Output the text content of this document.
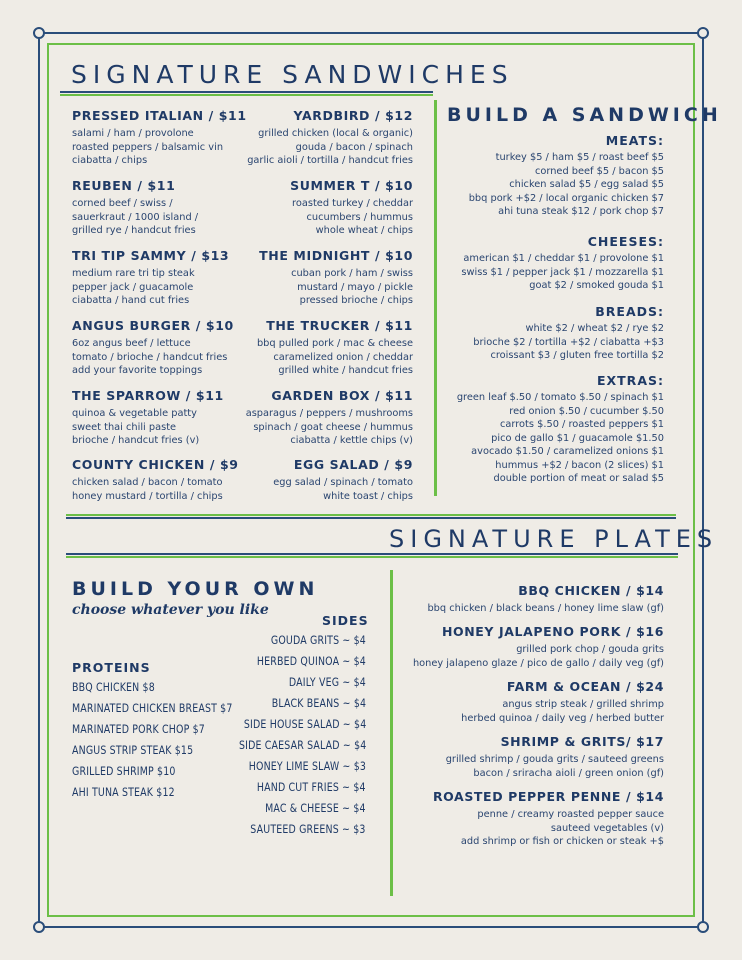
SIGNATURE SANDWICHES
PRESSED ITALIAN / $11
salami / ham / provolone
roasted peppers / balsamic vin
ciabatta / chips
REUBEN / $11
corned beef / swiss /
sauerkraut / 1000 island /
grilled rye / handcut fries
TRI TIP SAMMY / $13
medium rare tri tip steak
pepper jack / guacamole
ciabatta / hand cut fries
ANGUS BURGER / $10
6oz angus beef / lettuce
tomato / brioche / handcut fries
add your favorite toppings
THE SPARROW / $11
quinoa & vegetable patty
sweet thai chili paste
brioche / handcut fries (v)
COUNTY CHICKEN / $9
chicken salad / bacon / tomato
honey mustard / tortilla / chips
YARDBIRD / $12
grilled chicken (local & organic)
gouda / bacon / spinach
garlic aioli / tortilla / handcut fries
SUMMER T / $10
roasted turkey / cheddar
cucumbers / hummus
whole wheat / chips
THE MIDNIGHT / $10
cuban pork / ham / swiss
mustard / mayo / pickle
pressed brioche / chips
THE TRUCKER / $11
bbq pulled pork / mac & cheese
caramelized onion / cheddar
grilled white / handcut fries
GARDEN BOX / $11
asparagus / peppers / mushrooms
spinach / goat cheese / hummus
ciabatta / kettle chips (v)
EGG SALAD / $9
egg salad / spinach / tomato
white toast / chips
BUILD A SANDWICH
MEATS:
turkey $5 / ham $5 / roast beef $5
corned beef $5 / bacon $5
chicken salad $5 / egg salad $5
bbq pork +$2 / local organic chicken $7
ahi tuna steak $12 / pork chop $7
CHEESES:
american $1 / cheddar $1 / provolone $1
swiss $1 / pepper jack $1 / mozzarella $1
goat $2 / smoked gouda $1
BREADS:
white $2 / wheat $2 / rye $2
brioche $2 / tortilla +$2 / ciabatta +$3
croissant $3 / gluten free tortilla $2
EXTRAS:
green leaf $.50 / tomato $.50 / spinach $1
red onion $.50 / cucumber $.50
carrots $.50 / roasted peppers $1
pico de gallo $1 / guacamole $1.50
avocado $1.50 / caramelized onions $1
hummus +$2 / bacon (2 slices) $1
double portion of meat or salad $5
SIGNATURE PLATES
BUILD YOUR OWN
choose whatever you like
PROTEINS
BBQ CHICKEN $8
MARINATED CHICKEN BREAST $7
MARINATED PORK CHOP $7
ANGUS STRIP STEAK $15
GRILLED SHRIMP $10
AHI TUNA STEAK $12
SIDES
GOUDA GRITS ~ $4
HERBED QUINOA ~ $4
DAILY VEG ~ $4
BLACK BEANS ~ $4
SIDE HOUSE SALAD ~ $4
SIDE CAESAR SALAD ~ $4
HONEY LIME SLAW ~ $3
HAND CUT FRIES ~ $4
MAC & CHEESE ~ $4
SAUTEED GREENS ~ $3
BBQ CHICKEN / $14
bbq chicken / black beans / honey lime slaw (gf)
HONEY JALAPENO PORK / $16
grilled pork chop / gouda grits
honey jalapeno glaze / pico de gallo / daily veg (gf)
FARM & OCEAN / $24
angus strip steak / grilled shrimp
herbed quinoa / daily veg / herbed butter
SHRIMP & GRITS/ $17
grilled shrimp / gouda grits / sauteed greens
bacon / sriracha aioli / green onion (gf)
ROASTED PEPPER PENNE / $14
penne / creamy roasted pepper sauce
sauteed vegetables (v)
add shrimp or fish or chicken or steak +$
